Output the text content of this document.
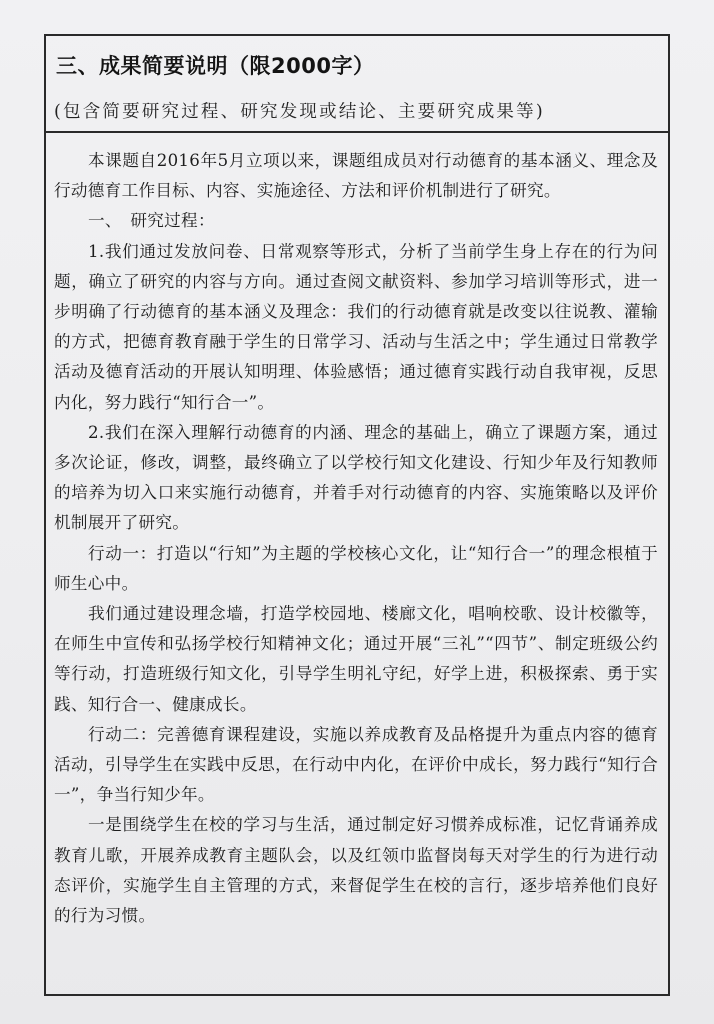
三、成果简要说明（限2000字）
(包含简要研究过程、研究发现或结论、主要研究成果等)

本课题自2016年5月立项以来，课题组成员对行动德育的基本涵义、理念及行动德育工作目标、内容、实施途径、方法和评价机制进行了研究。

一、　研究过程：

1.我们通过发放问卷、日常观察等形式，分析了当前学生身上存在的行为问题，确立了研究的内容与方向。通过查阅文献资料、参加学习培训等形式，进一步明确了行动德育的基本涵义及理念：我们的行动德育就是改变以往说教、灌输的方式，把德育教育融于学生的日常学习、活动与生活之中；学生通过日常教学活动及德育活动的开展认知明理、体验感悟；通过德育实践行动自我审视，反思内化，努力践行“知行合一”。

2.我们在深入理解行动德育的内涵、理念的基础上，确立了课题方案，通过多次论证，修改，调整，最终确立了以学校行知文化建设、行知少年及行知教师的培养为切入口来实施行动德育，并着手对行动德育的内容、实施策略以及评价机制展开了研究。

行动一：打造以“行知”为主题的学校核心文化，让“知行合一”的理念根植于师生心中。

我们通过建设理念墙，打造学校园地、楼廊文化，唱响校歌、设计校徽等，在师生中宣传和弘扬学校行知精神文化；通过开展“三礼”“四节”、制定班级公约等行动，打造班级行知文化，引导学生明礼守纪，好学上进，积极探索、勇于实践、知行合一、健康成长。

行动二：完善德育课程建设，实施以养成教育及品格提升为重点内容的德育活动，引导学生在实践中反思，在行动中内化，在评价中成长，努力践行“知行合一”，争当行知少年。

一是围绕学生在校的学习与生活，通过制定好习惯养成标准，记忆背诵养成教育儿歌，开展养成教育主题队会，以及红领巾监督岗每天对学生的行为进行动态评价，实施学生自主管理的方式，来督促学生在校的言行，逐步培养他们良好的行为习惯。
